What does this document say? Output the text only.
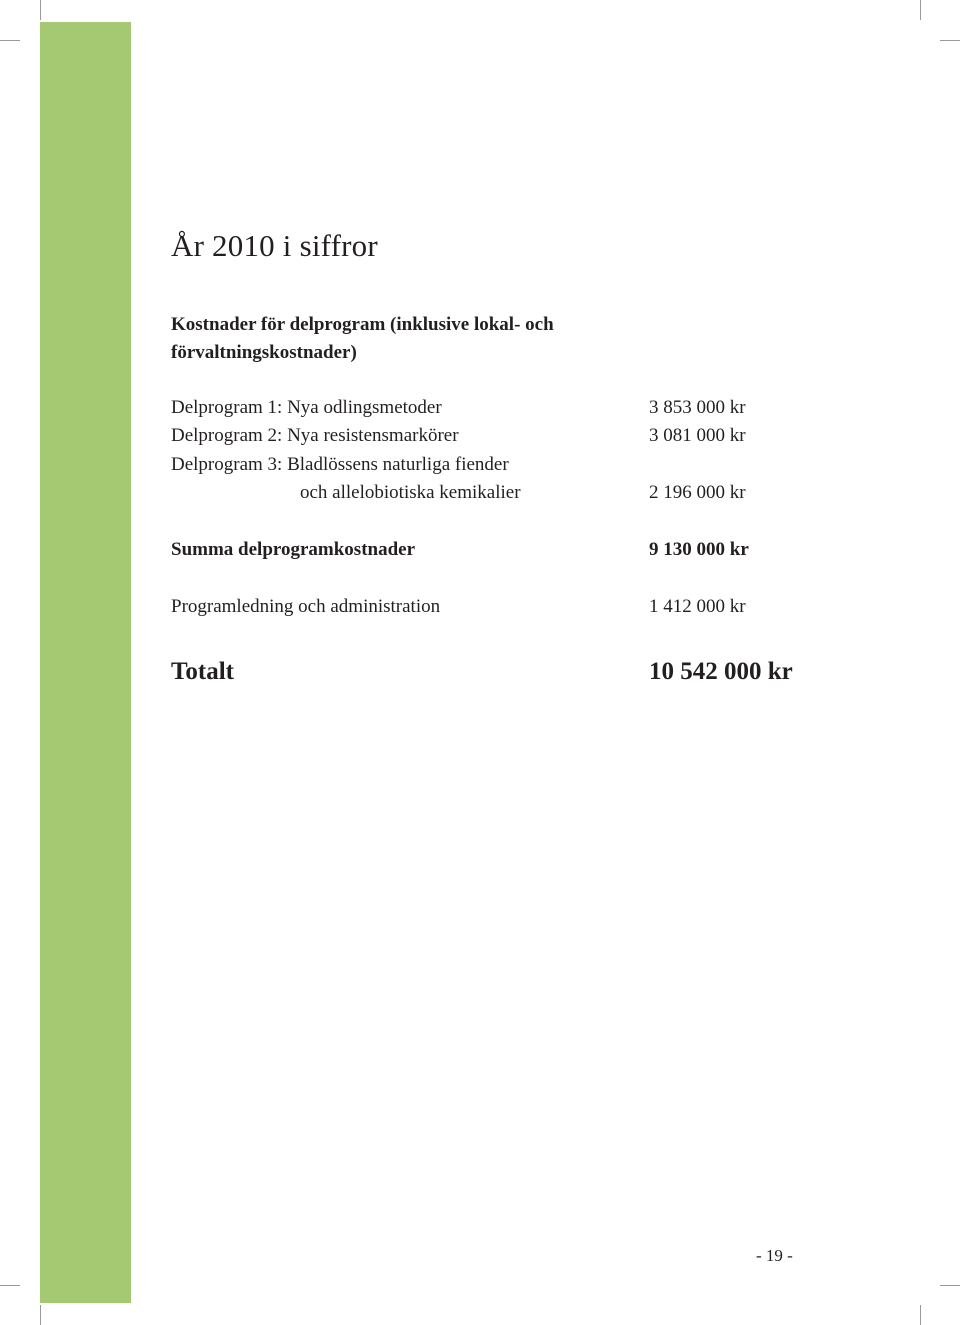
År 2010 i siffror

Kostnader för delprogram (inklusive lokal- och förvaltningskostnader)

Delprogram 1: Nya odlingsmetoder	3 853 000 kr
Delprogram 2: Nya resistensmarkörer	3 081 000 kr
Delprogram 3: Bladlössens naturliga fiender
och allelobiotiska kemikalier	2 196 000 kr
Summa delprogramkostnader	9 130 000 kr
Programledning och administration	1 412 000 kr
Totalt	10 542 000 kr
- 19 -
